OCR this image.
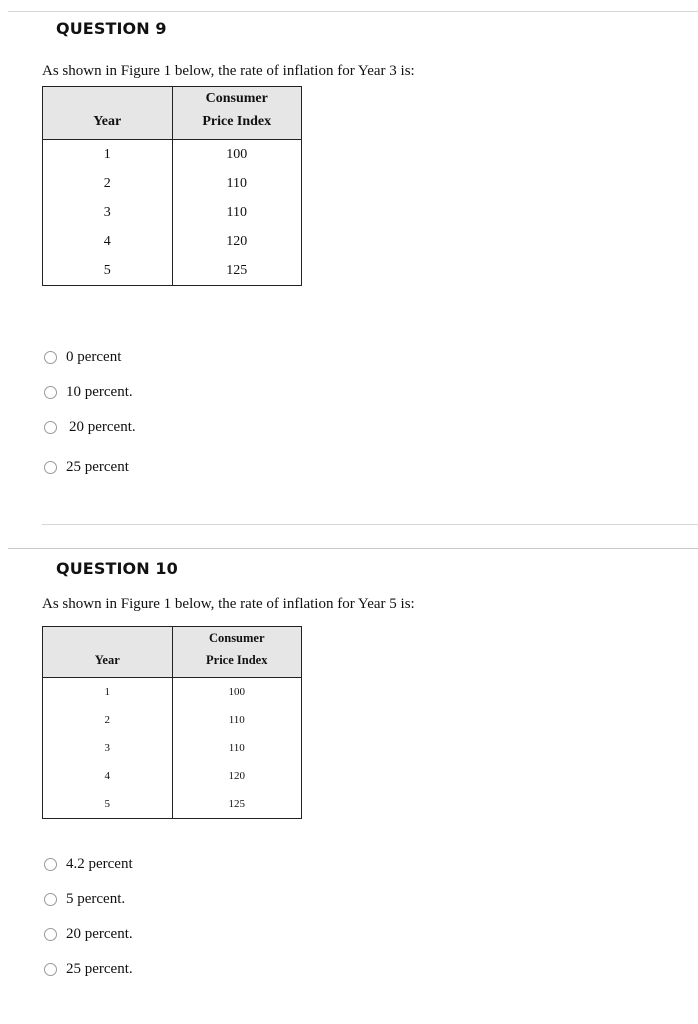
QUESTION 9

As shown in Figure 1 below, the rate of inflation for Year 3 is:

Year	Consumer
Price Index

1	100
2	110
3	110
4	120
5	125
0 percent
10 percent.
20 percent.
25 percent
QUESTION 10

As shown in Figure 1 below, the rate of inflation for Year 5 is:

Year	Consumer
Price Index

1	100
2	110
3	110
4	120
5	125
4.2 percent
5 percent.
20 percent.
25 percent.
